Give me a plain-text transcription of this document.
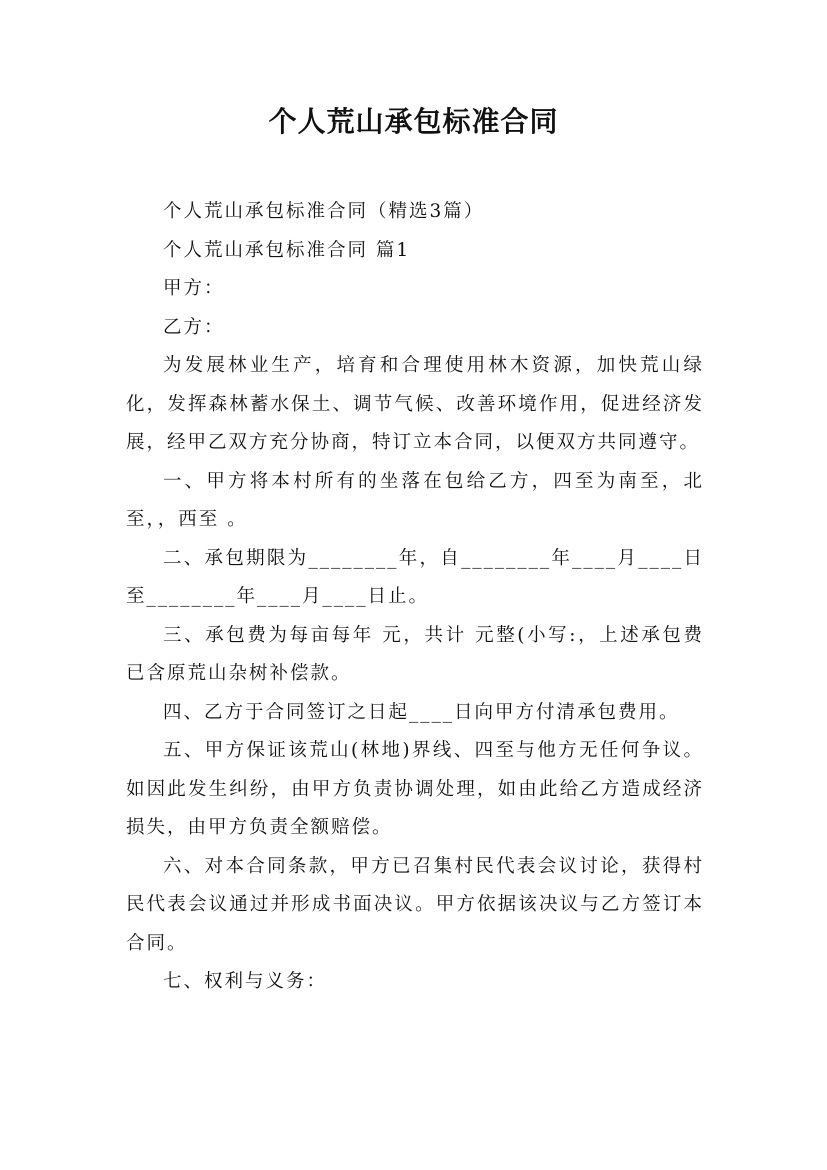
个人荒山承包标准合同

个人荒山承包标准合同（精选3篇）

个人荒山承包标准合同 篇1

甲方：

乙方：

为发展林业生产，培育和合理使用林木资源，加快荒山绿化，发挥森林蓄水保土、调节气候、改善环境作用，促进经济发展，经甲乙双方充分协商，特订立本合同，以便双方共同遵守。

一、甲方将本村所有的坐落在包给乙方，四至为南至，北至，，西至 。

二、承包期限为________年，自________年____月____日至________年____月____日止。

三、承包费为每亩每年 元，共计 元整(小写:，上述承包费已含原荒山杂树补偿款。

四、乙方于合同签订之日起____日向甲方付清承包费用。

五、甲方保证该荒山(林地)界线、四至与他方无任何争议。如因此发生纠纷，由甲方负责协调处理，如由此给乙方造成经济损失，由甲方负责全额赔偿。

六、对本合同条款，甲方已召集村民代表会议讨论，获得村民代表会议通过并形成书面决议。甲方依据该决议与乙方签订本合同。

七、权利与义务：
